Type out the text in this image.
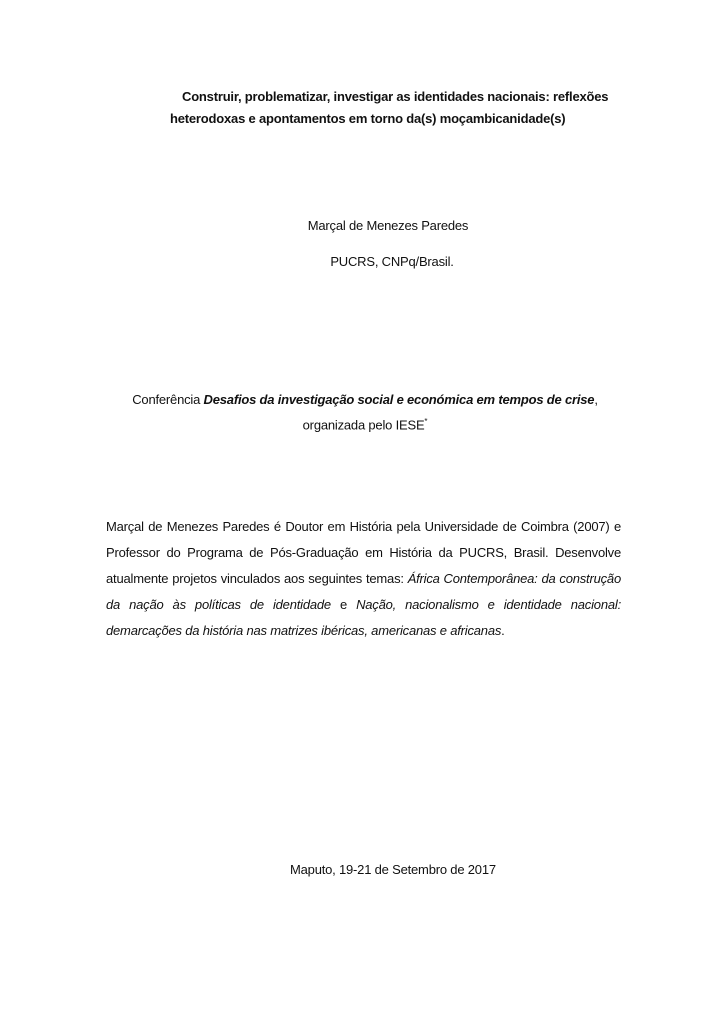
Construir, problematizar, investigar as identidades nacionais: reflexões
heterodoxas e apontamentos em torno da(s) moçambicanidade(s)
Marçal de Menezes Paredes
PUCRS, CNPq/Brasil.
Conferência Desafios da investigação social e económica em tempos de crise, organizada pelo IESE*
Marçal de Menezes Paredes é Doutor em História pela Universidade de Coimbra (2007) e Professor do Programa de Pós-Graduação em História da PUCRS, Brasil. Desenvolve atualmente projetos vinculados aos seguintes temas: África Contemporânea: da construção da nação às políticas de identidade e Nação, nacionalismo e identidade nacional: demarcações da história nas matrizes ibéricas, americanas e africanas.
Maputo, 19-21 de Setembro de 2017
